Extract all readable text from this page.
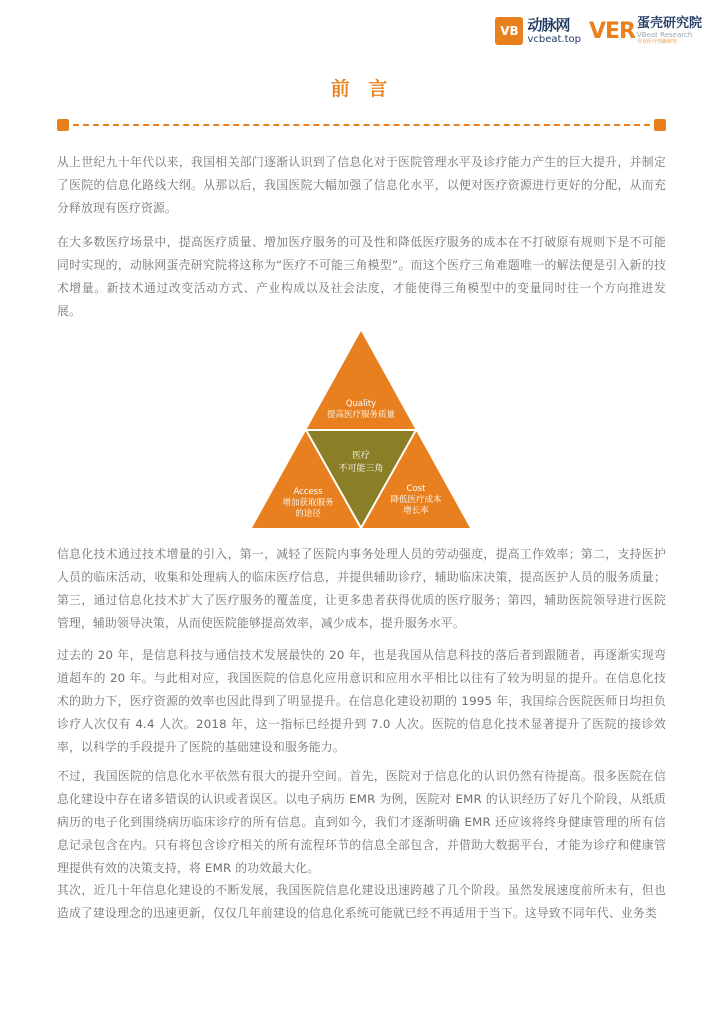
VB 动脉网
vcbeat.top VER 蛋壳研究院
VBeat Research
专业医疗创新研究
前 言

从上世纪九十年代以来，我国相关部门逐渐认识到了信息化对于医院管理水平及诊疗能力产生的巨大提升，并制定了医院的信息化路线大纲。从那以后，我国医院大幅加强了信息化水平，以便对医疗资源进行更好的分配，从而充分释放现有医疗资源。

在大多数医疗场景中，提高医疗质量、增加医疗服务的可及性和降低医疗服务的成本在不打破原有规则下是不可能同时实现的，动脉网蛋壳研究院将这称为“医疗不可能三角模型”。而这个医疗三角难题唯一的解法便是引入新的技术增量。新技术通过改变活动方式、产业构成以及社会法度，才能使得三角模型中的变量同时往一个方向推进发展。

Quality
提高医疗服务质量
医疗
不可能三角
Access
增加获取服务
的途径
Cost
降低医疗成本
增长率

信息化技术通过技术增量的引入，第一，减轻了医院内事务处理人员的劳动强度，提高工作效率；第二，支持医护人员的临床活动，收集和处理病人的临床医疗信息，并提供辅助诊疗，辅助临床决策，提高医护人员的服务质量；第三，通过信息化技术扩大了医疗服务的覆盖度，让更多患者获得优质的医疗服务；第四，辅助医院领导进行医院管理，辅助领导决策，从而使医院能够提高效率，减少成本，提升服务水平。

过去的 20 年，是信息科技与通信技术发展最快的 20 年，也是我国从信息科技的落后者到跟随者，再逐渐实现弯道超车的 20 年。与此相对应，我国医院的信息化应用意识和应用水平相比以往有了较为明显的提升。在信息化技术的助力下，医疗资源的效率也因此得到了明显提升。在信息化建设初期的 1995 年，我国综合医院医师日均担负诊疗人次仅有 4.4 人次。2018 年，这一指标已经提升到 7.0 人次。医院的信息化技术显著提升了医院的接诊效率，以科学的手段提升了医院的基础建设和服务能力。

不过，我国医院的信息化水平依然有很大的提升空间。首先，医院对于信息化的认识仍然有待提高。很多医院在信息化建设中存在诸多错误的认识或者误区。以电子病历 EMR 为例，医院对 EMR 的认识经历了好几个阶段，从纸质病历的电子化到围绕病历临床诊疗的所有信息。直到如今，我们才逐渐明确 EMR 还应该将终身健康管理的所有信息记录包含在内。只有将包含诊疗相关的所有流程环节的信息全部包含，并借助大数据平台，才能为诊疗和健康管理提供有效的决策支持，将 EMR 的功效最大化。

其次，近几十年信息化建设的不断发展，我国医院信息化建设迅速跨越了几个阶段。虽然发展速度前所未有，但也造成了建设理念的迅速更新，仅仅几年前建设的信息化系统可能就已经不再适用于当下。这导致不同年代、业务类
